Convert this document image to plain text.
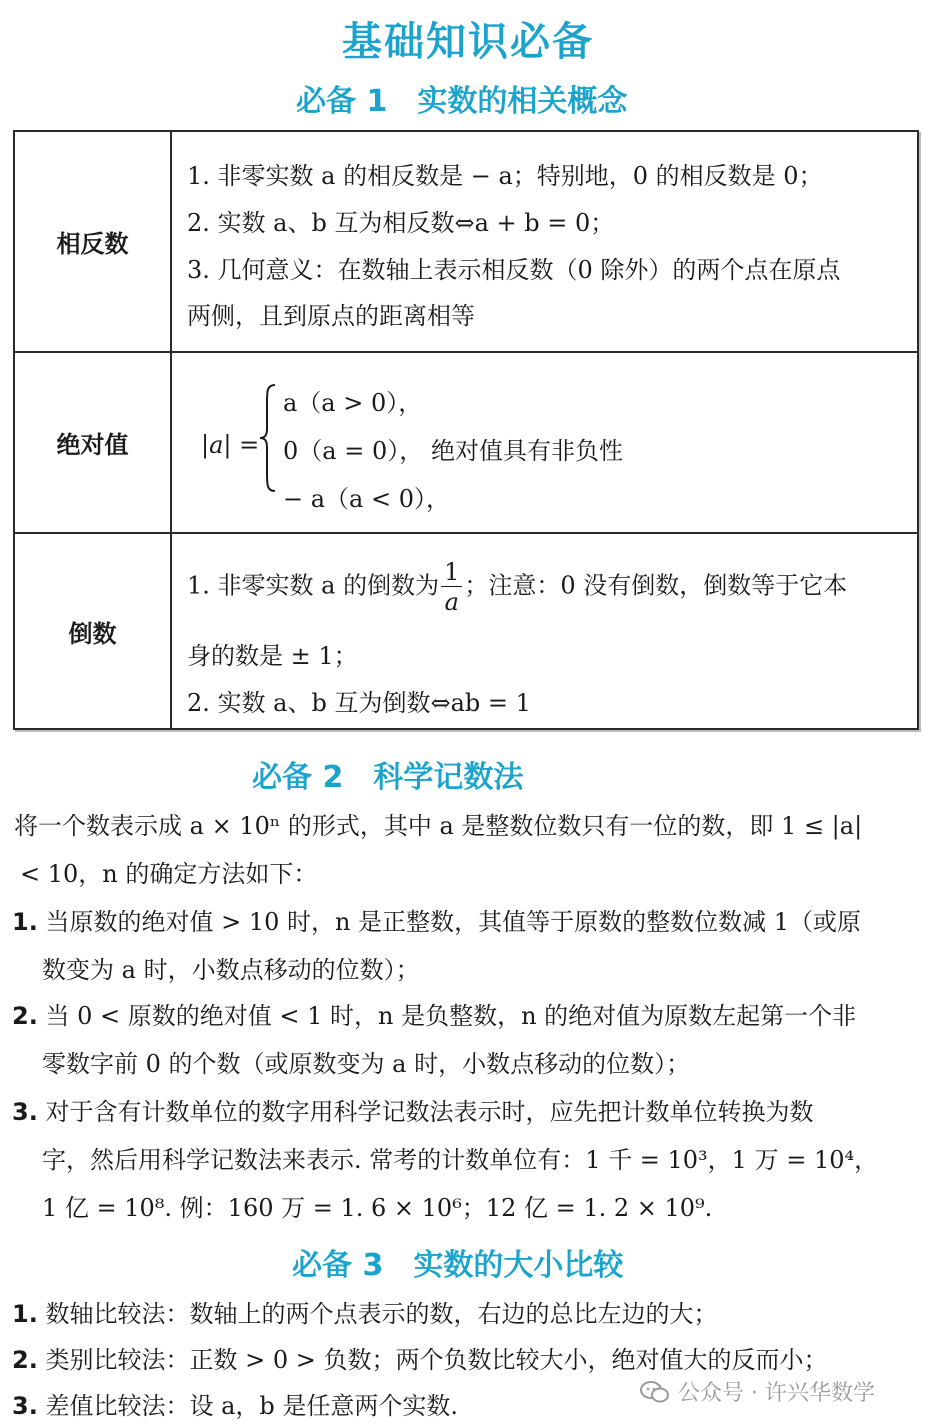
基础知识必备
必备 1 实数的相关概念
相反数
1. 非零实数 a 的相反数是 − a；特别地，0 的相反数是 0；
2. 实数 a、b 互为相反数⇔a + b = 0；
3. 几何意义：在数轴上表示相反数（0 除外）的两个点在原点
两侧，且到原点的距离相等
绝对值	|a| =
a（a > 0），
0（a = 0），
− a（a < 0），
绝对值具有非负性
倒数
1. 非零实数 a 的倒数为 $\frac{1}{a}$ ；注意：0 没有倒数，倒数等于它本
身的数是 ± 1；
2. 实数 a、b 互为倒数⇔ab = 1
必备 2 科学记数法
将一个数表示成 a × 10ⁿ 的形式，其中 a 是整数位数只有一位的数，即 1 ≤ |a|
< 10，n 的确定方法如下：
1. 当原数的绝对值 > 10 时，n 是正整数，其值等于原数的整数位数减 1（或原
数变为 a 时，小数点移动的位数）；
2. 当 0 < 原数的绝对值 < 1 时，n 是负整数，n 的绝对值为原数左起第一个非
零数字前 0 的个数（或原数变为 a 时，小数点移动的位数）；
3. 对于含有计数单位的数字用科学记数法表示时，应先把计数单位转换为数
字，然后用科学记数法来表示. 常考的计数单位有：1 千 = 10³，1 万 = 10⁴，
1 亿 = 10⁸. 例：160 万 = 1. 6 × 10⁶；12 亿 = 1. 2 × 10⁹.
必备 3 实数的大小比较
1. 数轴比较法：数轴上的两个点表示的数，右边的总比左边的大；
2. 类别比较法：正数 > 0 > 负数；两个负数比较大小，绝对值大的反而小；
3. 差值比较法：设 a，b 是任意两个实数.	公众号 · 许兴华数学
